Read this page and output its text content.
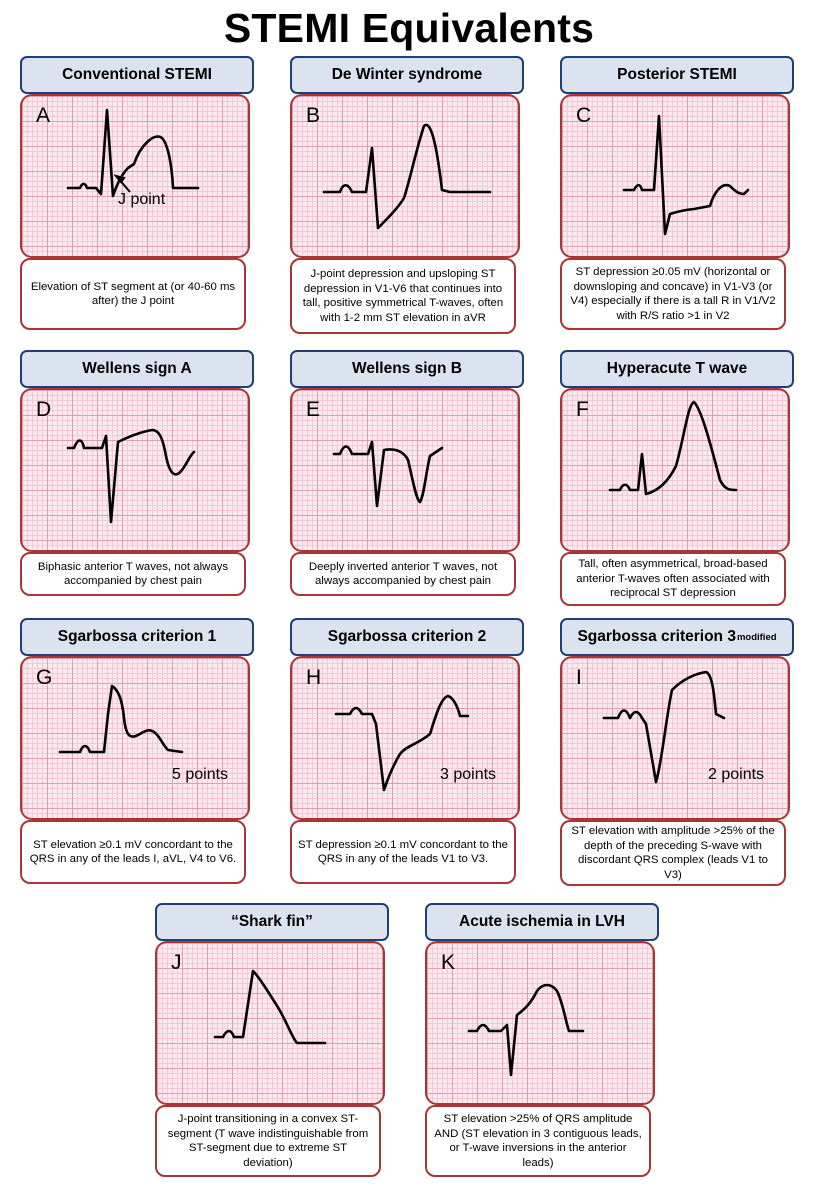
STEMI Equivalents
Conventional STEMI
A
J point
Elevation of ST segment at (or 40-60 ms after) the J point
De Winter syndrome
B
J-point depression and upsloping ST depression in V1-V6 that continues into tall, positive symmetrical T-waves, often with 1-2 mm ST elevation in aVR
Posterior STEMI
C
ST depression ≥0.05 mV (horizontal or downsloping and concave) in V1-V3 (or V4) especially if there is a tall R in V1/V2 with R/S ratio >1 in V2
Wellens sign A
D
Biphasic anterior T waves, not always accompanied by chest pain
Wellens sign B
E
Deeply inverted anterior T waves, not always accompanied by chest pain
Hyperacute T wave
F
Tall, often asymmetrical, broad-based anterior T-waves often associated with reciprocal ST depression
Sgarbossa criterion 1
G
5 points
ST elevation ≥0.1 mV concordant to the QRS in any of the leads I, aVL, V4 to V6.
Sgarbossa criterion 2
H
3 points
ST depression ≥0.1 mV concordant to the QRS in any of the leads V1 to V3.
Sgarbossa criterion 3 modified
I
2 points
ST elevation with amplitude >25% of the depth of the preceding S-wave with discordant QRS complex (leads V1 to V3)
“Shark fin”
J
J-point transitioning in a convex ST-segment (T wave indistinguishable from ST-segment due to extreme ST deviation)
Acute ischemia in LVH
K
ST elevation >25% of QRS amplitude AND (ST elevation in 3 contiguous leads, or T-wave inversions in the anterior leads)
